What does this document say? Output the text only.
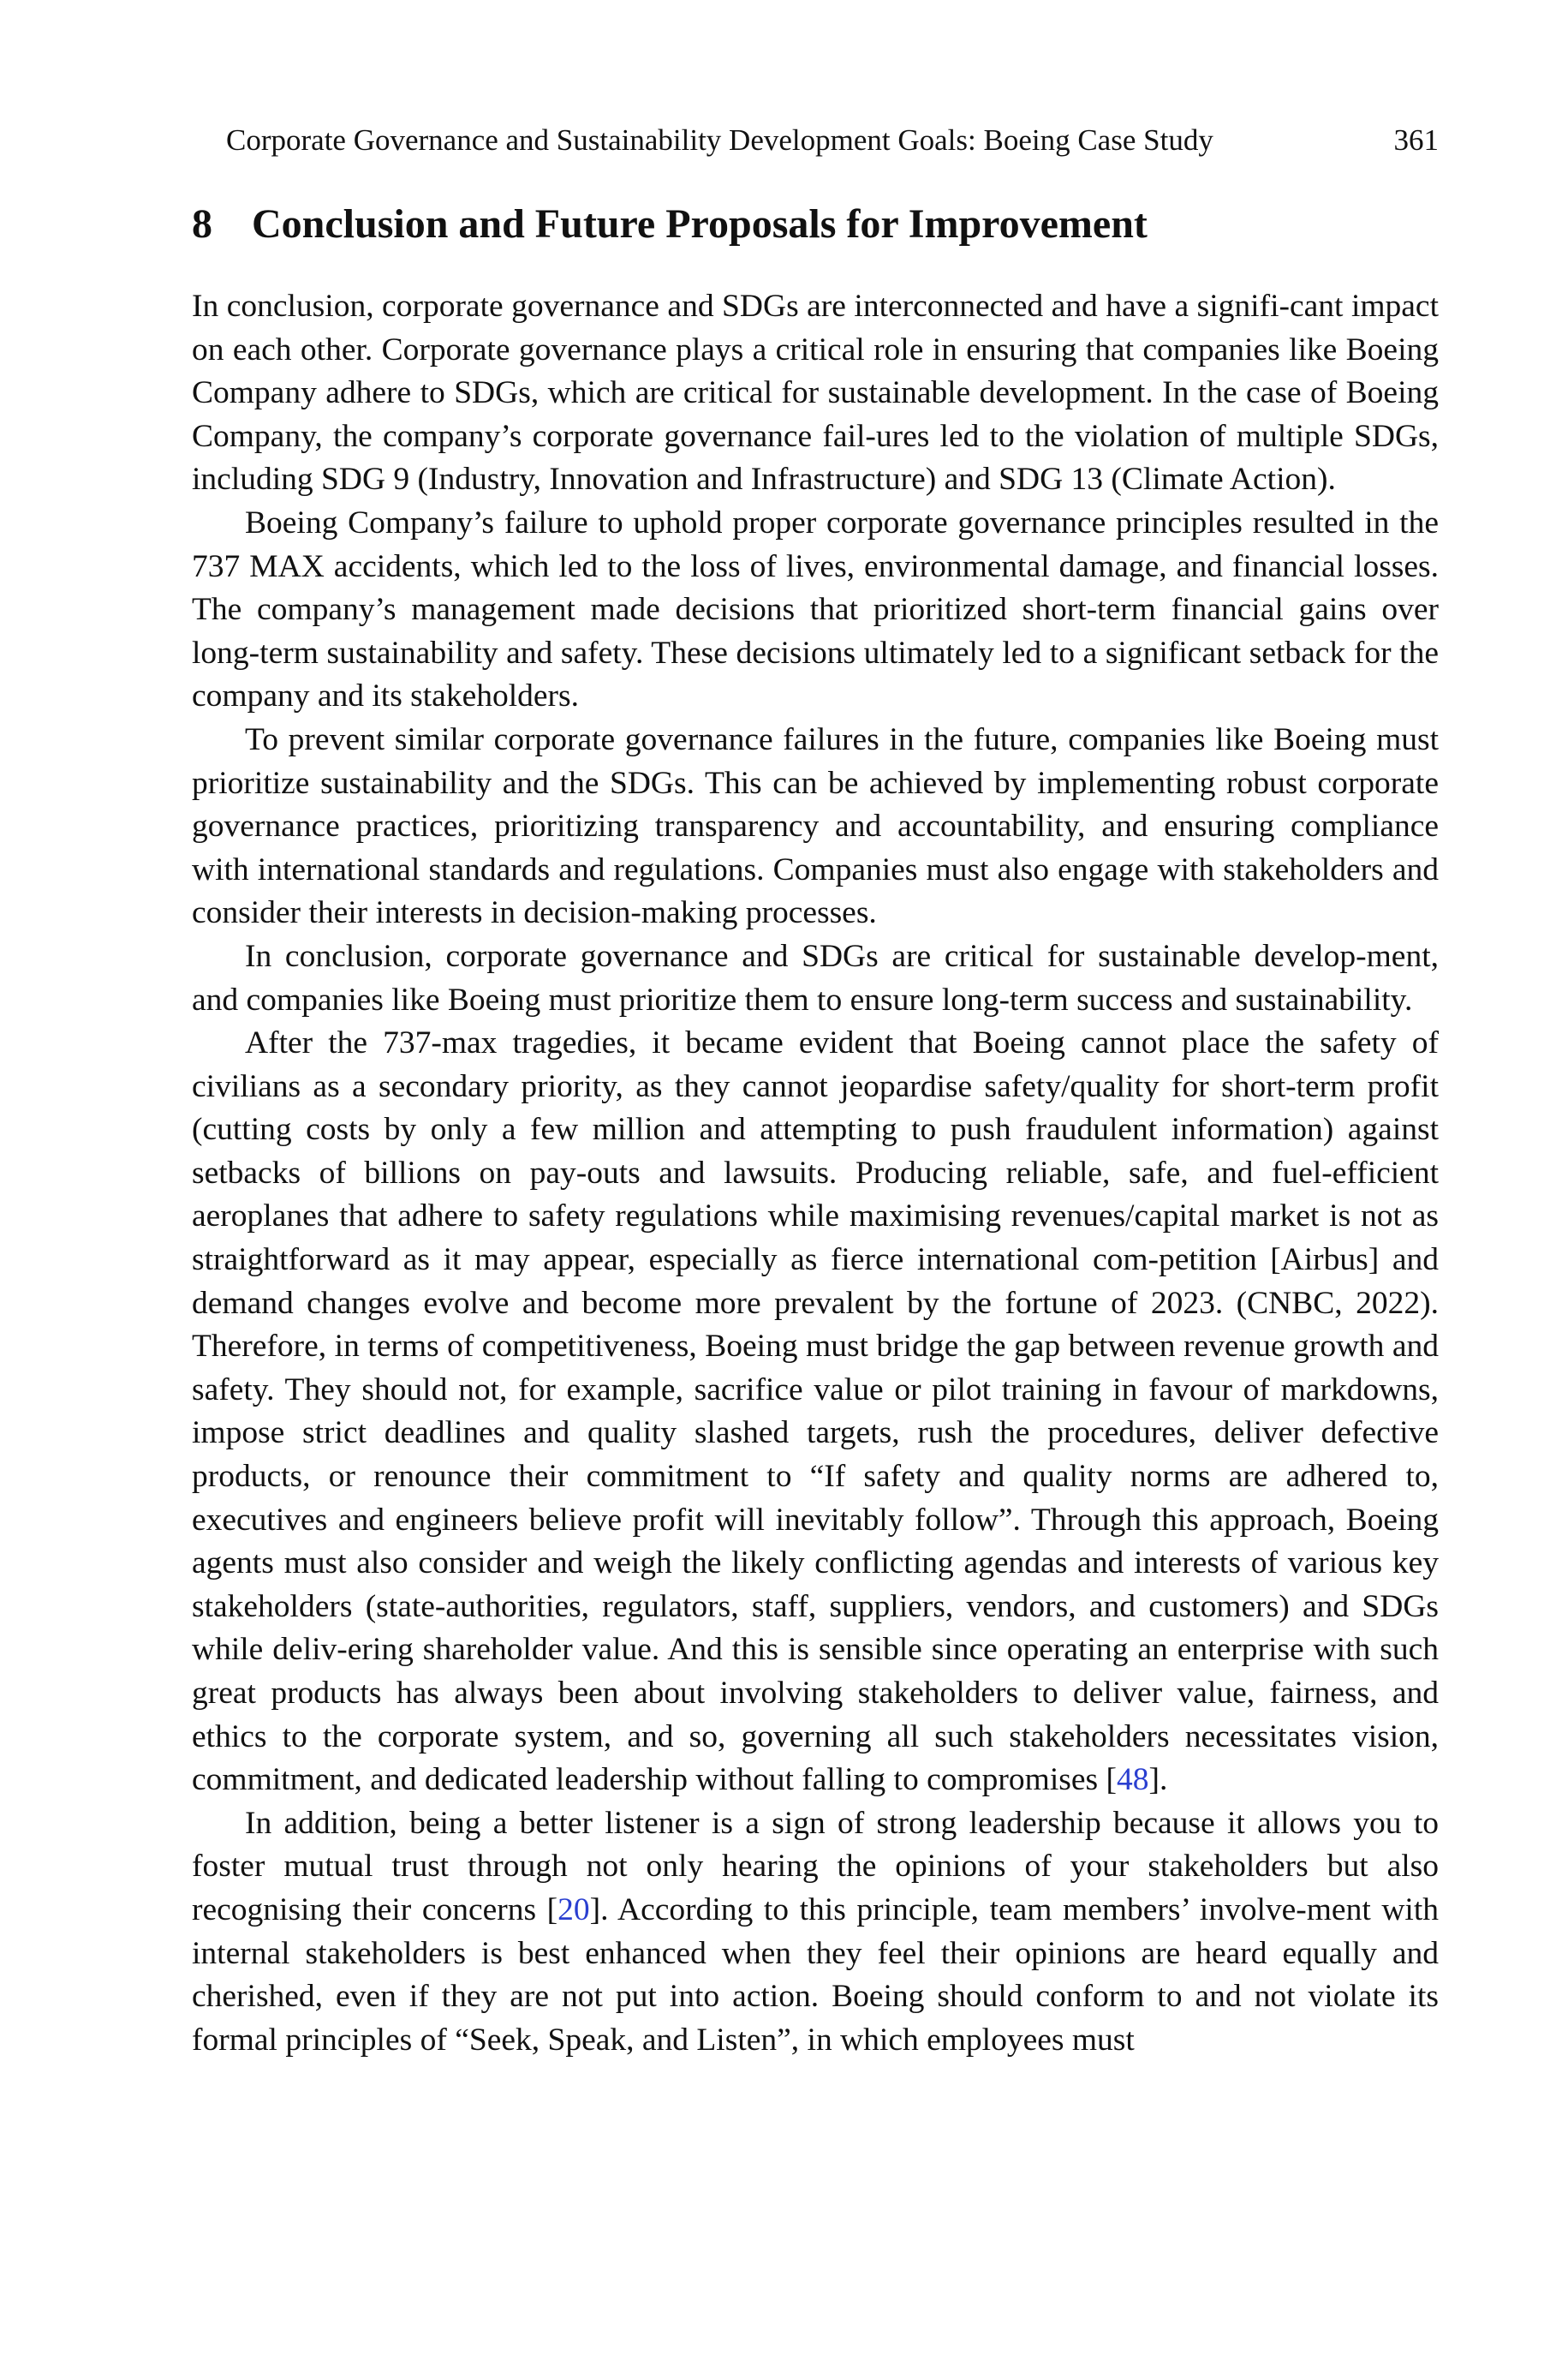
Corporate Governance and Sustainability Development Goals: Boeing Case Study	361
8 Conclusion and Future Proposals for Improvement

In conclusion, corporate governance and SDGs are interconnected and have a signifi-cant impact on each other. Corporate governance plays a critical role in ensuring that companies like Boeing Company adhere to SDGs, which are critical for sustainable development. In the case of Boeing Company, the company’s corporate governance fail-ures led to the violation of multiple SDGs, including SDG 9 (Industry, Innovation and Infrastructure) and SDG 13 (Climate Action).

Boeing Company’s failure to uphold proper corporate governance principles resulted in the 737 MAX accidents, which led to the loss of lives, environmental damage, and financial losses. The company’s management made decisions that prioritized short-term financial gains over long-term sustainability and safety. These decisions ultimately led to a significant setback for the company and its stakeholders.

To prevent similar corporate governance failures in the future, companies like Boeing must prioritize sustainability and the SDGs. This can be achieved by implementing robust corporate governance practices, prioritizing transparency and accountability, and ensuring compliance with international standards and regulations. Companies must also engage with stakeholders and consider their interests in decision-making processes.

In conclusion, corporate governance and SDGs are critical for sustainable develop-ment, and companies like Boeing must prioritize them to ensure long-term success and sustainability.

After the 737-max tragedies, it became evident that Boeing cannot place the safety of civilians as a secondary priority, as they cannot jeopardise safety/quality for short-term profit (cutting costs by only a few million and attempting to push fraudulent information) against setbacks of billions on pay-outs and lawsuits. Producing reliable, safe, and fuel-efficient aeroplanes that adhere to safety regulations while maximising revenues/capital market is not as straightforward as it may appear, especially as fierce international com-petition [Airbus] and demand changes evolve and become more prevalent by the fortune of 2023. (CNBC, 2022). Therefore, in terms of competitiveness, Boeing must bridge the gap between revenue growth and safety. They should not, for example, sacrifice value or pilot training in favour of markdowns, impose strict deadlines and quality slashed targets, rush the procedures, deliver defective products, or renounce their commitment to “If safety and quality norms are adhered to, executives and engineers believe profit will inevitably follow”. Through this approach, Boeing agents must also consider and weigh the likely conflicting agendas and interests of various key stakeholders (state-authorities, regulators, staff, suppliers, vendors, and customers) and SDGs while deliv-ering shareholder value. And this is sensible since operating an enterprise with such great products has always been about involving stakeholders to deliver value, fairness, and ethics to the corporate system, and so, governing all such stakeholders necessitates vision, commitment, and dedicated leadership without falling to compromises [48].

In addition, being a better listener is a sign of strong leadership because it allows you to foster mutual trust through not only hearing the opinions of your stakeholders but also recognising their concerns [20]. According to this principle, team members’ involve-ment with internal stakeholders is best enhanced when they feel their opinions are heard equally and cherished, even if they are not put into action. Boeing should conform to and not violate its formal principles of “Seek, Speak, and Listen”, in which employees must
